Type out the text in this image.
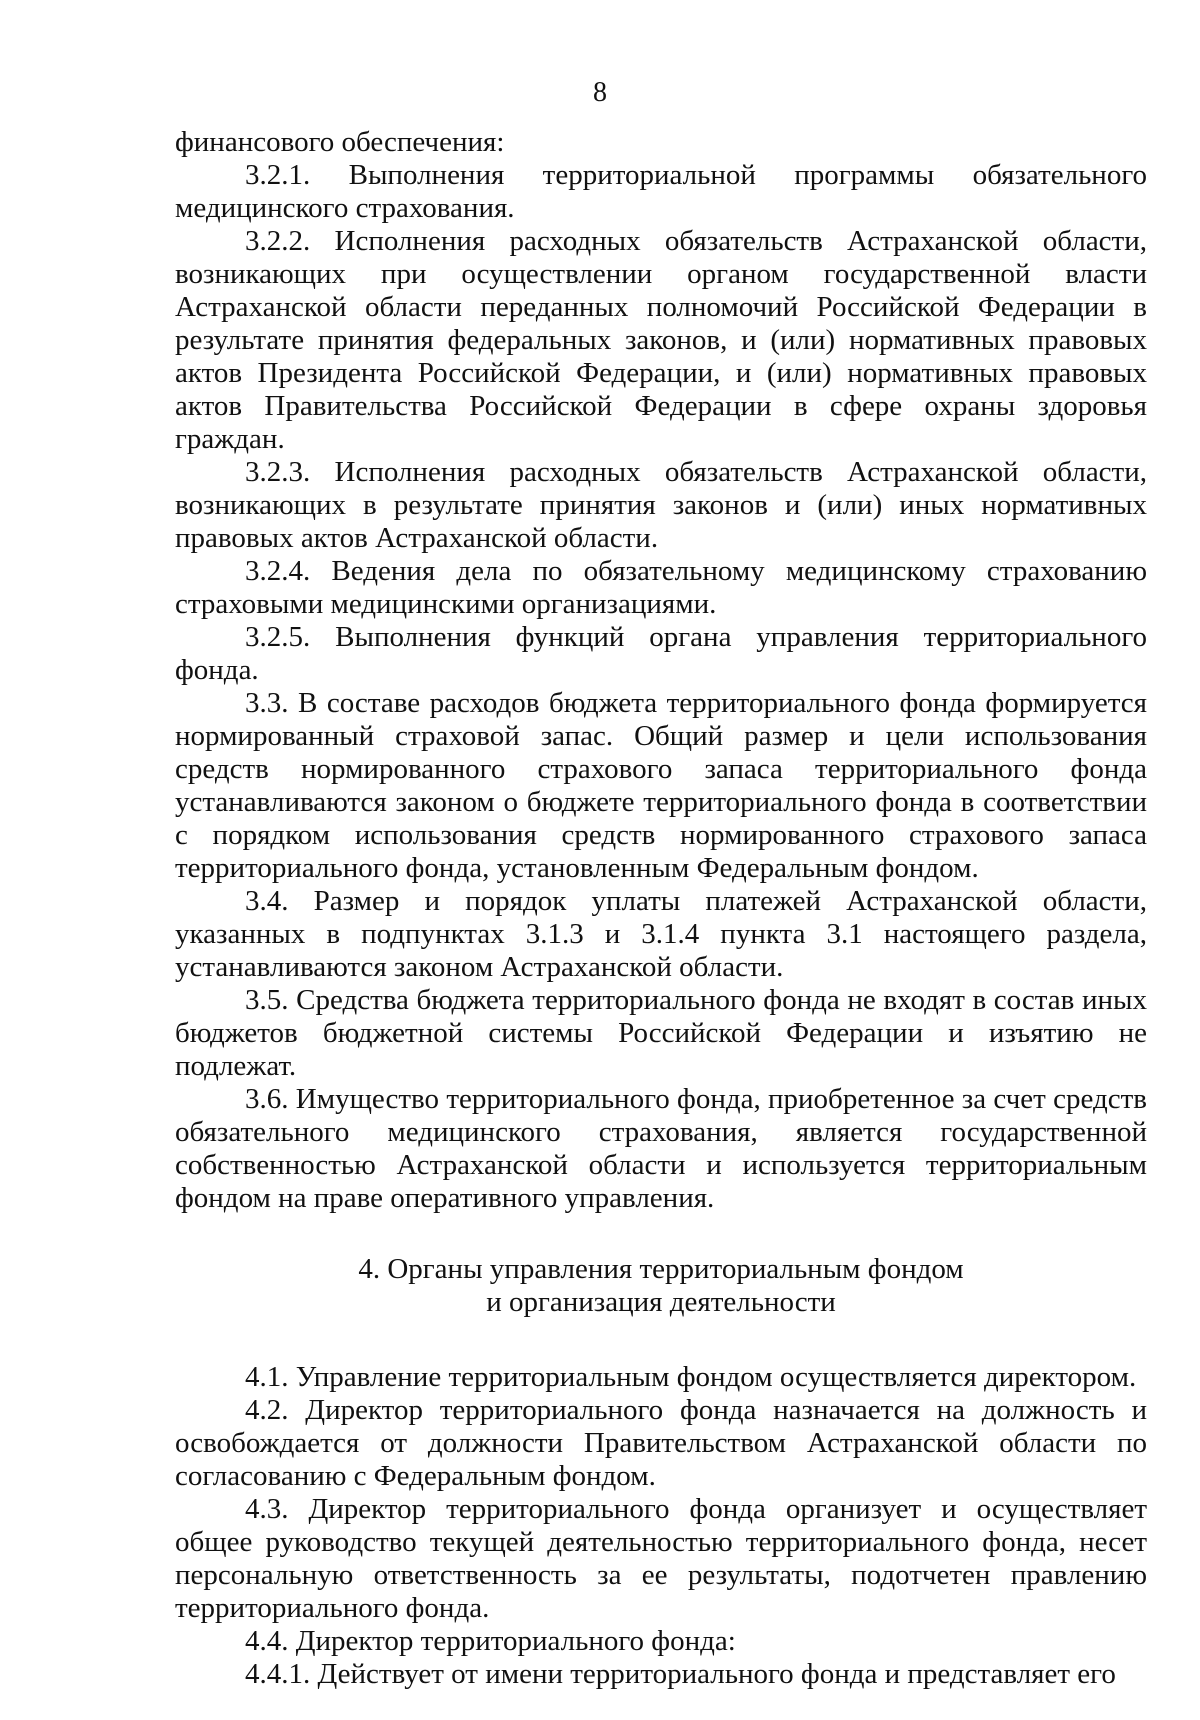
8

финансового обеспечения:

3.2.1. Выполнения территориальной программы обязательного медицинского страхования.

3.2.2. Исполнения расходных обязательств Астраханской области, возникающих при осуществлении органом государственной власти Астраханской области переданных полномочий Российской Федерации в результате принятия федеральных законов, и (или) нормативных правовых актов Президента Российской Федерации, и (или) нормативных правовых актов Правительства Российской Федерации в сфере охраны здоровья граждан.

3.2.3. Исполнения расходных обязательств Астраханской области, возникающих в результате принятия законов и (или) иных нормативных правовых актов Астраханской области.

3.2.4. Ведения дела по обязательному медицинскому страхованию страховыми медицинскими организациями.

3.2.5. Выполнения функций органа управления территориального фонда.

3.3. В составе расходов бюджета территориального фонда формируется нормированный страховой запас. Общий размер и цели использования средств нормированного страхового запаса территориального фонда устанавливаются законом о бюджете территориального фонда в соответствии с порядком использования средств нормированного страхового запаса территориального фонда, установленным Федеральным фондом.

3.4. Размер и порядок уплаты платежей Астраханской области, указанных в подпунктах 3.1.3 и 3.1.4 пункта 3.1 настоящего раздела, устанавливаются законом Астраханской области.

3.5. Средства бюджета территориального фонда не входят в состав иных бюджетов бюджетной системы Российской Федерации и изъятию не подлежат.

3.6. Имущество территориального фонда, приобретенное за счет средств обязательного медицинского страхования, является государственной собственностью Астраханской области и используется территориальным фондом на праве оперативного управления.

4. Органы управления территориальным фондом
и организация деятельности

4.1. Управление территориальным фондом осуществляется директором.

4.2. Директор территориального фонда назначается на должность и освобождается от должности Правительством Астраханской области по согласованию с Федеральным фондом.

4.3. Директор территориального фонда организует и осуществляет общее руководство текущей деятельностью территориального фонда, несет персональную ответственность за ее результаты, подотчетен правлению территориального фонда.

4.4. Директор территориального фонда:

4.4.1. Действует от имени территориального фонда и представляет его
